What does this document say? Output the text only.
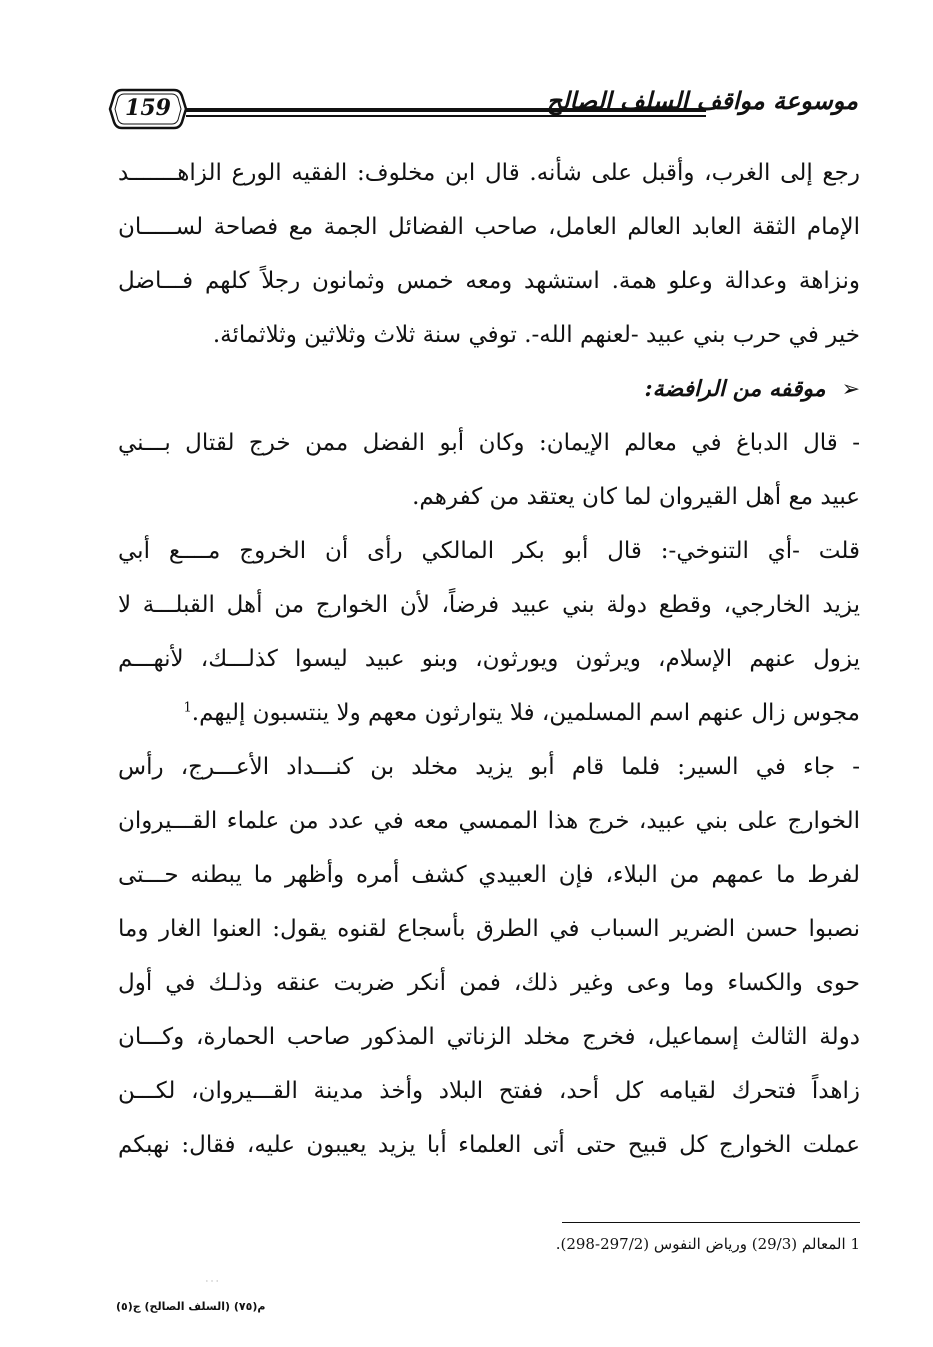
159	موسوعة مواقف السلف الصالح
رجع إلى الغرب، وأقبل على شأنه. قال ابن مخلوف: الفقيه الورع الزاهـــــــد
الإمام الثقة العابد العالم العامل، صاحب الفضائل الجمة مع فصاحة لســـــان
ونزاهة وعدالة وعلو همة. استشهد ومعه خمس وثمانون رجلاً كلهم فـــاضل
خير في حرب بني عبيد -لعنهم الله-. توفي سنة ثلاث وثلاثين وثلاثمائة.
➢موقفه من الرافضة:
- قال الدباغ في معالم الإيمان: وكان أبو الفضل ممن خرج لقتال بـــني
عبيد مع أهل القيروان لما كان يعتقد من كفرهم.
قلت -أي التنوخي-: قال أبو بكر المالكي رأى أن الخروج مــــع أبي
يزيد الخارجي، وقطع دولة بني عبيد فرضاً، لأن الخوارج من أهل القبلـــة لا
يزول عنهم الإسلام، ويرثون ويورثون، وبنو عبيد ليسوا كذلـــك، لأنهـــم
مجوس زال عنهم اسم المسلمين، فلا يتوارثون معهم ولا ينتسبون إليهم.$^1$
- جاء في السير: فلما قام أبو يزيد مخلد بن كنـــداد الأعـــرج، رأس
الخوارج على بني عبيد، خرج هذا الممسي معه في عدد من علماء القـــيروان
لفرط ما عمهم من البلاء، فإن العبيدي كشف أمره وأظهر ما يبطنه حـــتى
نصبوا حسن الضرير السباب في الطرق بأسجاع لقنوه يقول: العنوا الغار وما
حوى والكساء وما وعى وغير ذلك، فمن أنكر ضربت عنقه وذلـك في أول
دولة الثالث إسماعيل، فخرج مخلد الزناتي المذكور صاحب الحمارة، وكـــان
زاهداً فتحرك لقيامه كل أحد، ففتح البلاد وأخذ مدينة القـــيروان، لكـــن
عملت الخوارج كل قبيح حتى أتى العلماء أبا يزيد يعيبون عليه، فقال: نهبكم
1 المعالم (29/3) ورياض النفوس (297/2-298).
· · ·
م(٧٥) (السلف الصالح) ج(٥)
